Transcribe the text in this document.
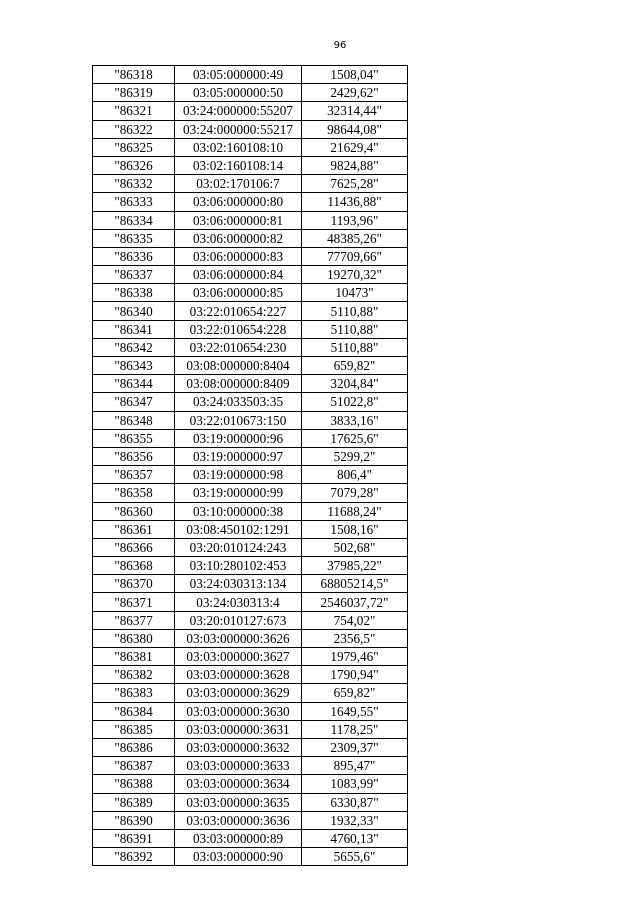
96
"86318	03:05:000000:49	1508,04"
"86319	03:05:000000:50	2429,62"
"86321	03:24:000000:55207	32314,44"
"86322	03:24:000000:55217	98644,08"
"86325	03:02:160108:10	21629,4"
"86326	03:02:160108:14	9824,88"
"86332	03:02:170106:7	7625,28"
"86333	03:06:000000:80	11436,88"
"86334	03:06:000000:81	1193,96"
"86335	03:06:000000:82	48385,26"
"86336	03:06:000000:83	77709,66"
"86337	03:06:000000:84	19270,32"
"86338	03:06:000000:85	10473"
"86340	03:22:010654:227	5110,88"
"86341	03:22:010654:228	5110,88"
"86342	03:22:010654:230	5110,88"
"86343	03:08:000000:8404	659,82"
"86344	03:08:000000:8409	3204,84"
"86347	03:24:033503:35	51022,8"
"86348	03:22:010673:150	3833,16"
"86355	03:19:000000:96	17625,6"
"86356	03:19:000000:97	5299,2"
"86357	03:19:000000:98	806,4"
"86358	03:19:000000:99	7079,28"
"86360	03:10:000000:38	11688,24"
"86361	03:08:450102:1291	1508,16"
"86366	03:20:010124:243	502,68"
"86368	03:10:280102:453	37985,22"
"86370	03:24:030313:134	68805214,5"
"86371	03:24:030313:4	2546037,72"
"86377	03:20:010127:673	754,02"
"86380	03:03:000000:3626	2356,5"
"86381	03:03:000000:3627	1979,46"
"86382	03:03:000000:3628	1790,94"
"86383	03:03:000000:3629	659,82"
"86384	03:03:000000:3630	1649,55"
"86385	03:03:000000:3631	1178,25"
"86386	03:03:000000:3632	2309,37"
"86387	03:03:000000:3633	895,47"
"86388	03:03:000000:3634	1083,99"
"86389	03:03:000000:3635	6330,87"
"86390	03:03:000000:3636	1932,33"
"86391	03:03:000000:89	4760,13"
"86392	03:03:000000:90	5655,6"
